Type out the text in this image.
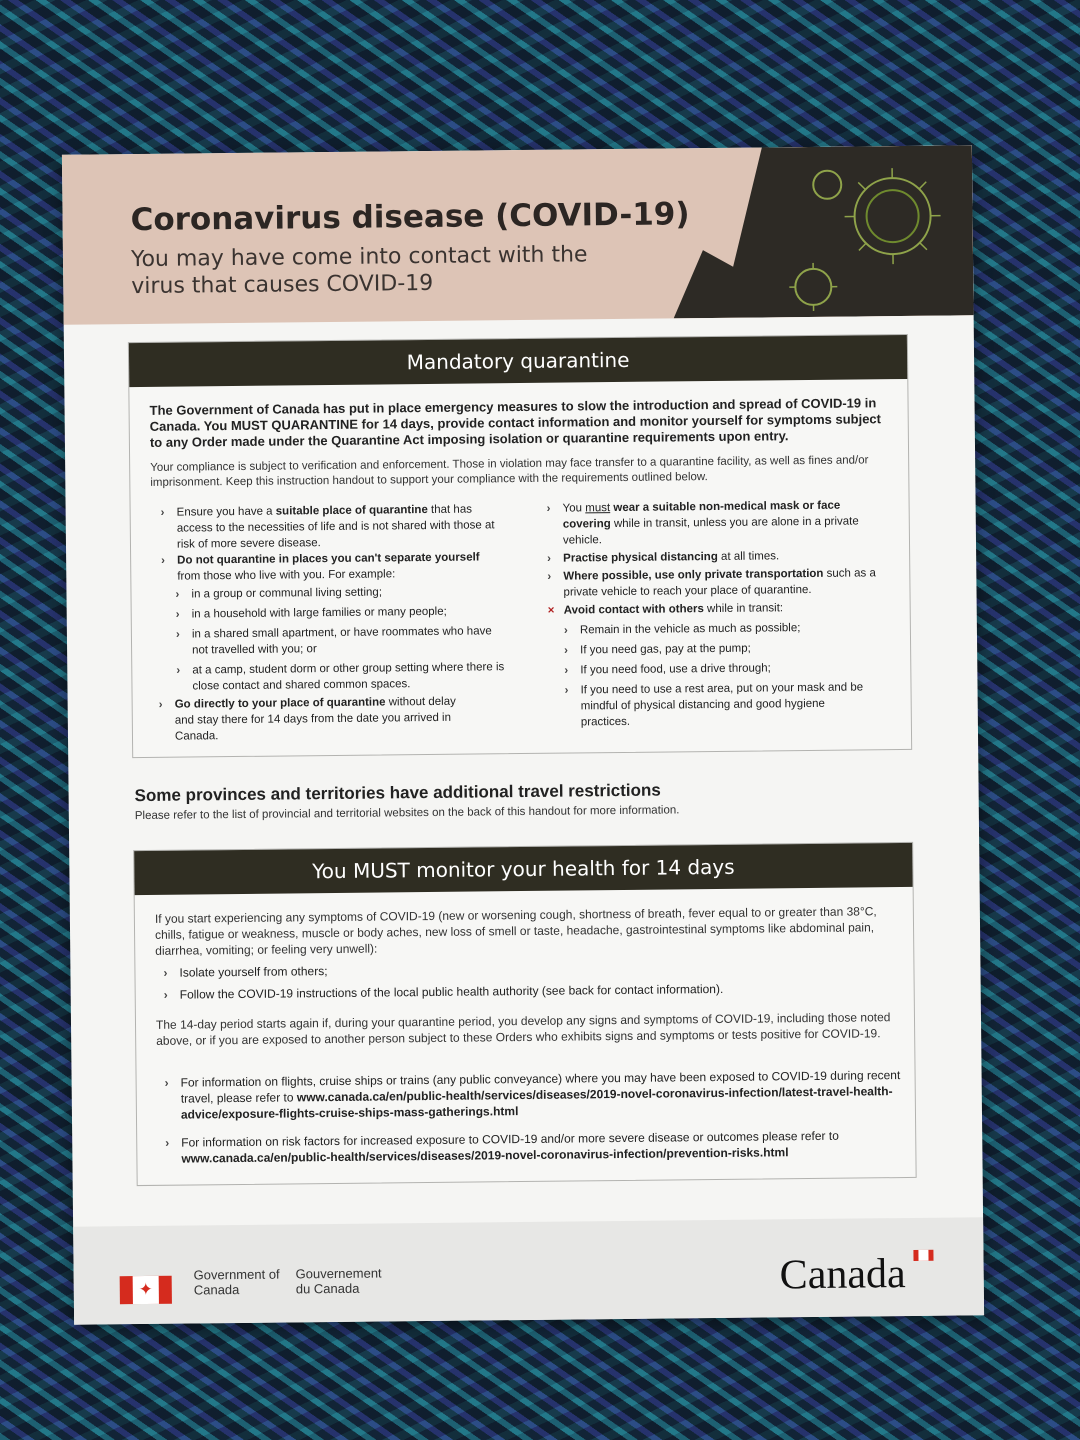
Coronavirus disease (COVID-19)

You may have come into contact with the virus that causes COVID-19

Mandatory quarantine

The Government of Canada has put in place emergency measures to slow the introduction and spread of COVID-19 in Canada. You MUST QUARANTINE for 14 days, provide contact information and monitor yourself for symptoms subject to any Order made under the Quarantine Act imposing isolation or quarantine requirements upon entry.

Your compliance is subject to verification and enforcement. Those in violation may face transfer to a quarantine facility, as well as fines and/or imprisonment. Keep this instruction handout to support your compliance with the requirements outlined below.

› Ensure you have a suitable place of quarantine that has access to the necessities of life and is not shared with those at risk of more severe disease.

› Do not quarantine in places you can't separate yourself from those who live with you. For example:

› in a group or communal living setting;

› in a household with large families or many people;

› in a shared small apartment, or have roommates who have not travelled with you; or

› at a camp, student dorm or other group setting where there is close contact and shared common spaces.

› Go directly to your place of quarantine without delay and stay there for 14 days from the date you arrived in Canada.

› You must wear a suitable non-medical mask or face covering while in transit, unless you are alone in a private vehicle.

› Practise physical distancing at all times.

› Where possible, use only private transportation such as a private vehicle to reach your place of quarantine.

× Avoid contact with others while in transit:

› Remain in the vehicle as much as possible;

› If you need gas, pay at the pump;

› If you need food, use a drive through;

› If you need to use a rest area, put on your mask and be mindful of physical distancing and good hygiene practices.

Some provinces and territories have additional travel restrictions

Please refer to the list of provincial and territorial websites on the back of this handout for more information.

You MUST monitor your health for 14 days

If you start experiencing any symptoms of COVID-19 (new or worsening cough, shortness of breath, fever equal to or greater than 38°C, chills, fatigue or weakness, muscle or body aches, new loss of smell or taste, headache, gastrointestinal symptoms like abdominal pain, diarrhea, vomiting; or feeling very unwell):

› Isolate yourself from others;

› Follow the COVID-19 instructions of the local public health authority (see back for contact information).

The 14-day period starts again if, during your quarantine period, you develop any signs and symptoms of COVID-19, including those noted above, or if you are exposed to another person subject to these Orders who exhibits signs and symptoms or tests positive for COVID-19.

› For information on flights, cruise ships or trains (any public conveyance) where you may have been exposed to COVID-19 during recent travel, please refer to www.canada.ca/en/public-health/services/diseases/2019-novel-coronavirus-infection/latest-travel-health-advice/exposure-flights-cruise-ships-mass-gatherings.html

› For information on risk factors for increased exposure to COVID-19 and/or more severe disease or outcomes please refer to www.canada.ca/en/public-health/services/diseases/2019-novel-coronavirus-infection/prevention-risks.html

✦

Government of Canada

Gouvernement du Canada	Canada
